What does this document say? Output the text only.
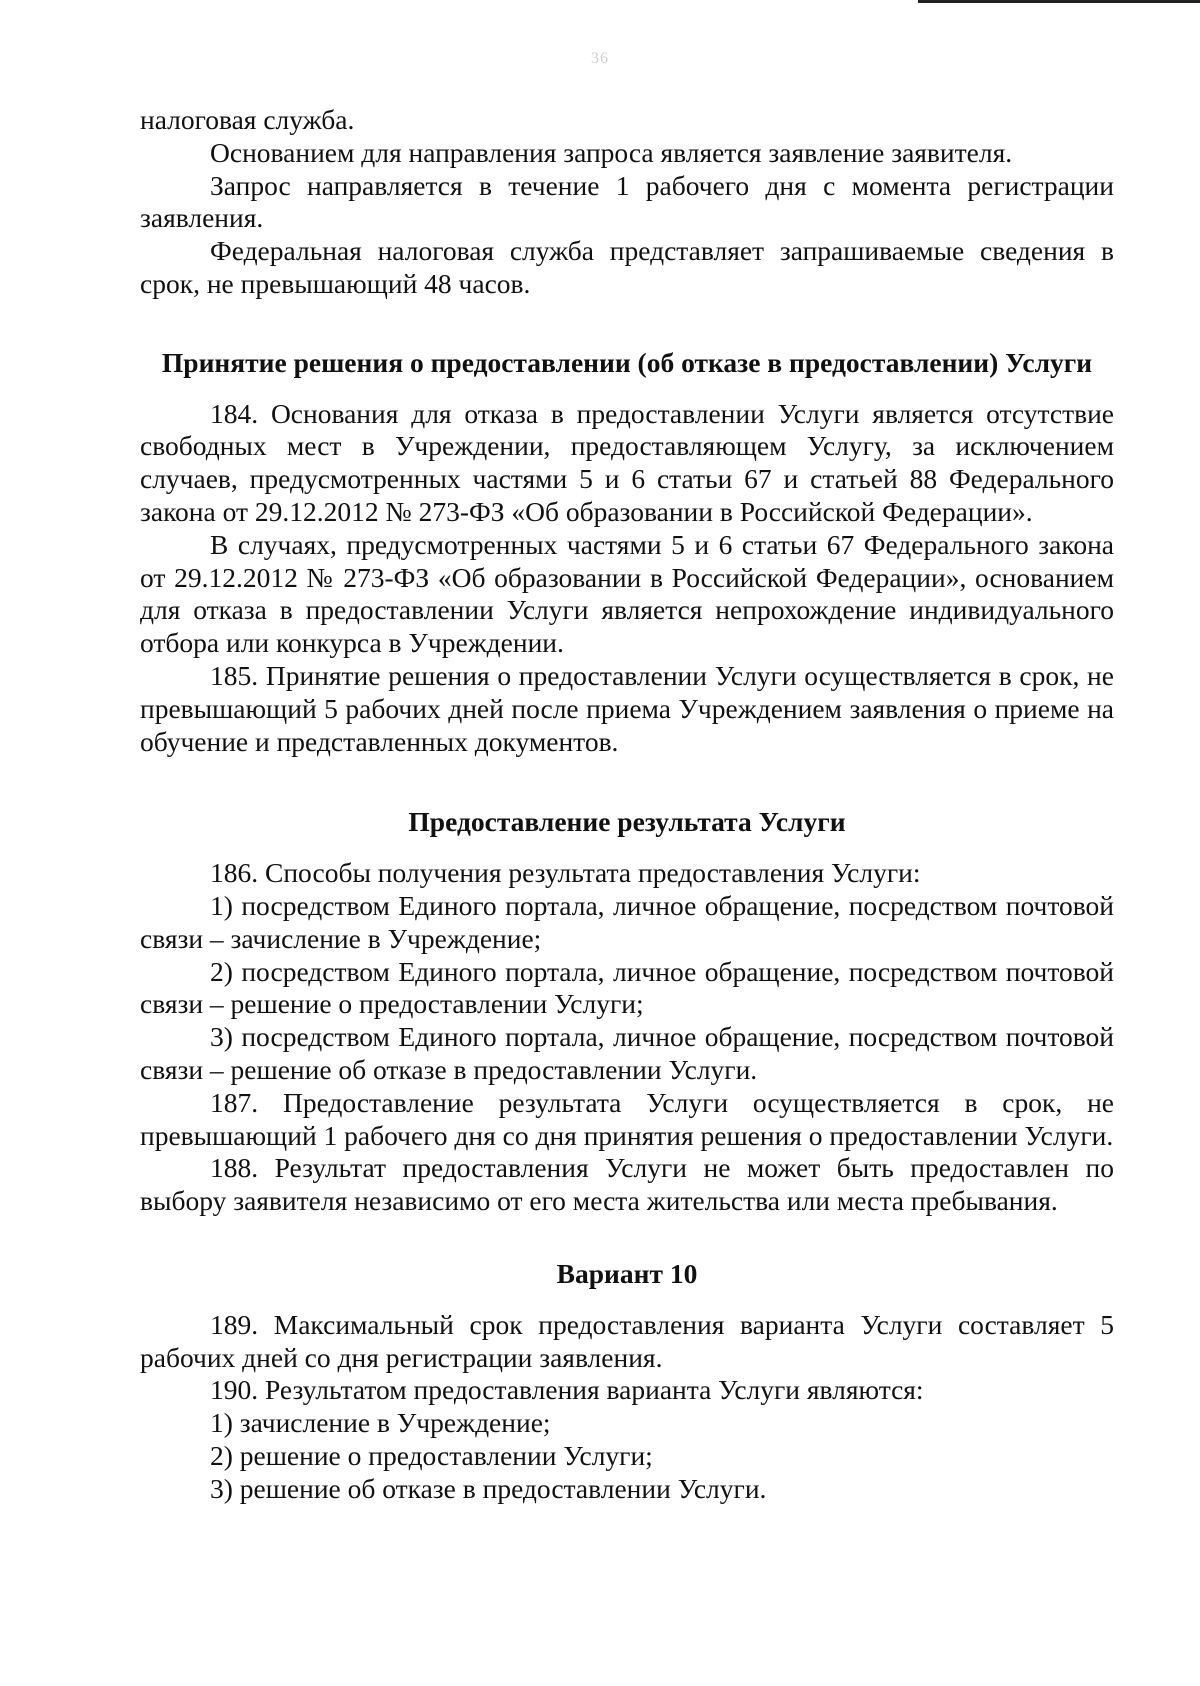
36

налоговая служба.

Основанием для направления запроса является заявление заявителя.

Запрос направляется в течение 1 рабочего дня с момента регистрации заявления.

Федеральная налоговая служба представляет запрашиваемые сведения в срок, не превышающий 48 часов.

Принятие решения о предоставлении (об отказе в предоставлении) Услуги

184. Основания для отказа в предоставлении Услуги является отсутствие свободных мест в Учреждении, предоставляющем Услугу, за исключением случаев, предусмотренных частями 5 и 6 статьи 67 и статьей 88 Федерального закона от 29.12.2012 № 273-ФЗ «Об образовании в Российской Федерации».

В случаях, предусмотренных частями 5 и 6 статьи 67 Федерального закона от 29.12.2012 № 273-ФЗ «Об образовании в Российской Федерации», основанием для отказа в предоставлении Услуги является непрохождение индивидуального отбора или конкурса в Учреждении.

185. Принятие решения о предоставлении Услуги осуществляется в срок, не превышающий 5 рабочих дней после приема Учреждением заявления о приеме на обучение и представленных документов.

Предоставление результата Услуги

186. Способы получения результата предоставления Услуги:

1) посредством Единого портала, личное обращение, посредством почтовой связи – зачисление в Учреждение;

2) посредством Единого портала, личное обращение, посредством почтовой связи – решение о предоставлении Услуги;

3) посредством Единого портала, личное обращение, посредством почтовой связи – решение об отказе в предоставлении Услуги.

187. Предоставление результата Услуги осуществляется в срок, не превышающий 1 рабочего дня со дня принятия решения о предоставлении Услуги.

188. Результат предоставления Услуги не может быть предоставлен по выбору заявителя независимо от его места жительства или места пребывания.

Вариант 10

189. Максимальный срок предоставления варианта Услуги составляет 5 рабочих дней со дня регистрации заявления.

190. Результатом предоставления варианта Услуги являются:

1) зачисление в Учреждение;

2) решение о предоставлении Услуги;

3) решение об отказе в предоставлении Услуги.
